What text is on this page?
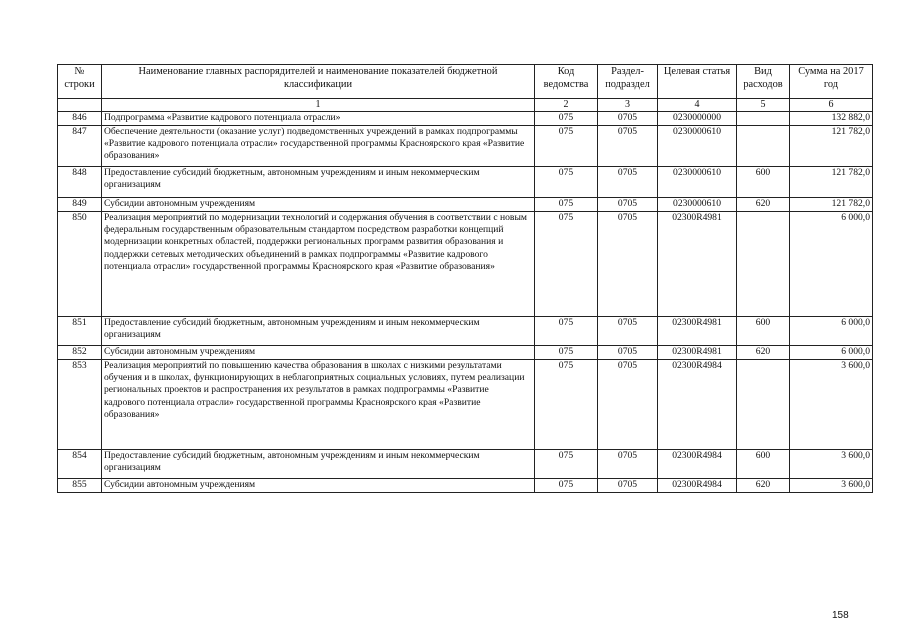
№ строки	Наименование главных распорядителей и наименование показателей бюджетной классификации	Код ведомства	Раздел-подраздел	Целевая статья	Вид расходов	Сумма на 2017 год
	1	2	3	4	5	6
846	Подпрограмма «Развитие кадрового потенциала отрасли»	075	0705	0230000000		132 882,0
847	Обеспечение деятельности (оказание услуг) подведомственных учреждений в рамках подпрограммы «Развитие кадрового потенциала отрасли» государственной программы Красноярского края «Развитие образования»	075	0705	0230000610		121 782,0
848	Предоставление субсидий бюджетным, автономным учреждениям и иным некоммерческим организациям	075	0705	0230000610	600	121 782,0
849	Субсидии автономным учреждениям	075	0705	0230000610	620	121 782,0
850	Реализация мероприятий по модернизации технологий и содержания обучения в соответствии с новым федеральным государственным образовательным стандартом посредством разработки концепций модернизации конкретных областей, поддержки региональных программ развития образования и поддержки сетевых методических объединений в рамках подпрограммы «Развитие кадрового потенциала отрасли» государственной программы Красноярского края «Развитие образования»	075	0705	02300R4981		6 000,0
851	Предоставление субсидий бюджетным, автономным учреждениям и иным некоммерческим организациям	075	0705	02300R4981	600	6 000,0
852	Субсидии автономным учреждениям	075	0705	02300R4981	620	6 000,0
853	Реализация мероприятий по повышению качества образования в школах с низкими результатами обучения и в школах, функционирующих в неблагоприятных социальных условиях, путем реализации региональных проектов и распространения их результатов в рамках подпрограммы «Развитие кадрового потенциала отрасли» государственной программы Красноярского края «Развитие образования»	075	0705	02300R4984		3 600,0
854	Предоставление субсидий бюджетным, автономным учреждениям и иным некоммерческим организациям	075	0705	02300R4984	600	3 600,0
855	Субсидии автономным учреждениям	075	0705	02300R4984	620	3 600,0
158
